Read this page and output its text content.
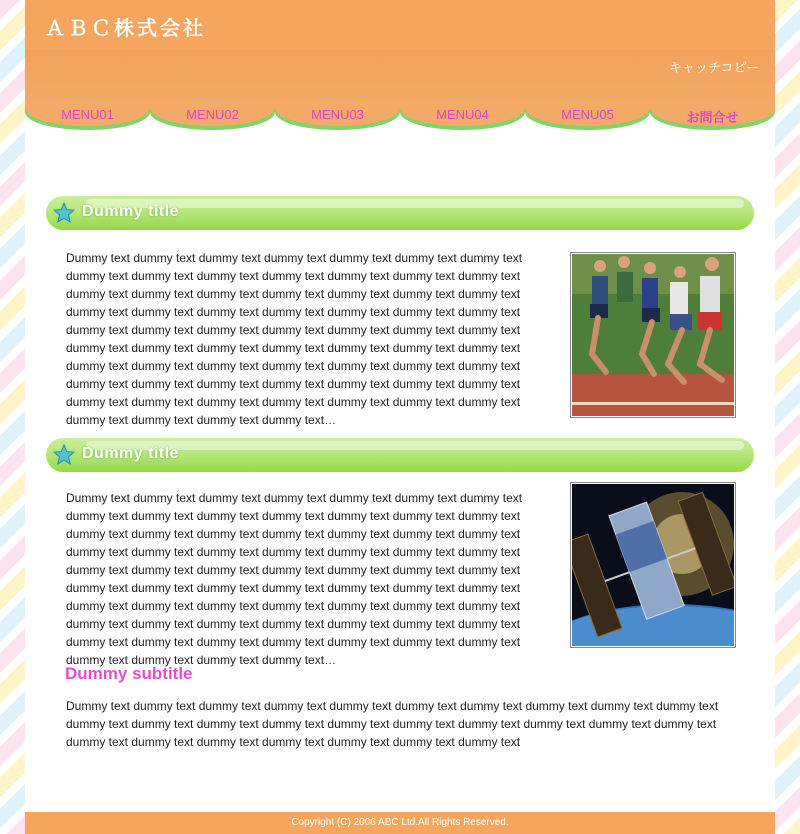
ＡＢＣ株式会社
キャッチコピー
MENU01	MENU02	MENU03	MENU04	MENU05	お問合せ
Dummy title
Dummy text dummy text dummy text dummy text dummy text dummy text dummy text dummy text dummy text dummy text dummy text dummy text dummy text dummy text dummy text dummy text dummy text dummy text dummy text dummy text dummy text dummy text dummy text dummy text dummy text dummy text dummy text dummy text dummy text dummy text dummy text dummy text dummy text dummy text dummy text dummy text dummy text dummy text dummy text dummy text dummy text dummy text dummy text dummy text dummy text dummy text dummy text dummy text dummy text dummy text dummy text dummy text dummy text dummy text dummy text dummy text dummy text dummy text dummy text dummy text dummy text dummy text dummy text dummy text dummy text dummy text dummy text…
Dummy title
Dummy text dummy text dummy text dummy text dummy text dummy text dummy text dummy text dummy text dummy text dummy text dummy text dummy text dummy text dummy text dummy text dummy text dummy text dummy text dummy text dummy text dummy text dummy text dummy text dummy text dummy text dummy text dummy text dummy text dummy text dummy text dummy text dummy text dummy text dummy text dummy text dummy text dummy text dummy text dummy text dummy text dummy text dummy text dummy text dummy text dummy text dummy text dummy text dummy text dummy text dummy text dummy text dummy text dummy text dummy text dummy text dummy text dummy text dummy text dummy text dummy text dummy text dummy text dummy text dummy text dummy text dummy text…
Dummy subtitle
Dummy text dummy text dummy text dummy text dummy text dummy text dummy text dummy text dummy text dummy text dummy text dummy text dummy text dummy text dummy text dummy text dummy text dummy text dummy text dummy text dummy text dummy text dummy text dummy text dummy text dummy text dummy text
Copyright (C) 2006 ABC Ltd.All Rights Reserved.
